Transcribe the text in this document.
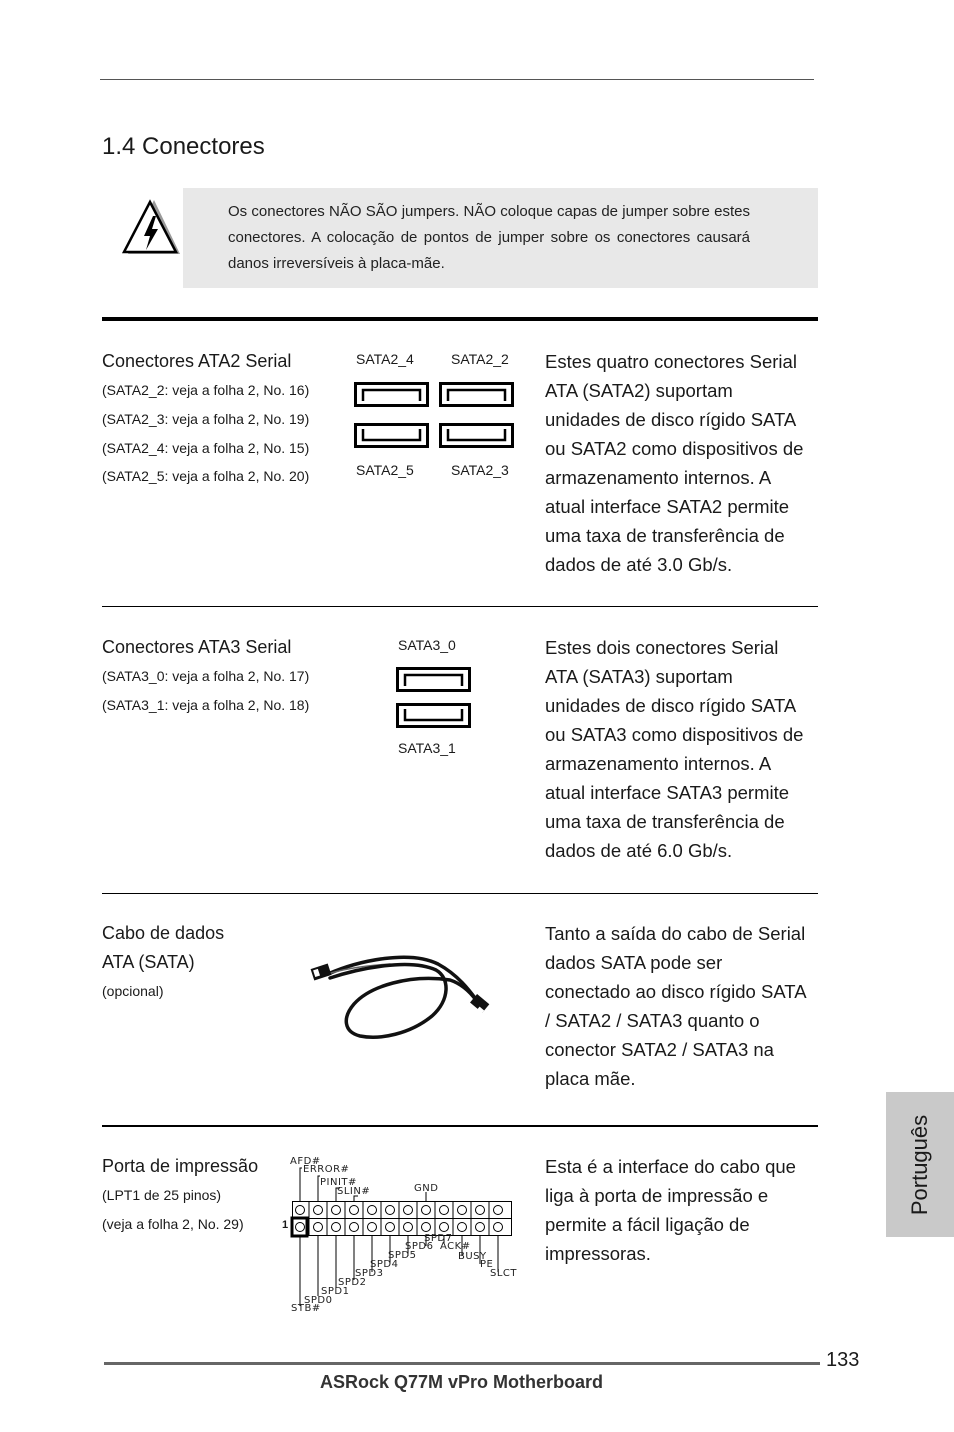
1.4 Conectores
Os conectores NÃO SÃO jumpers. NÃO coloque capas de jumper sobre estes conectores. A colocação de pontos de jumper sobre os conectores causará danos irreversíveis à placa-mãe.
Conectores ATA2 Serial
(SATA2_2: veja a folha 2, No. 16)
(SATA2_3: veja a folha 2, No. 19)
(SATA2_4: veja a folha 2, No. 15)
(SATA2_5: veja a folha 2, No. 20)
SATA2_4	SATA2_2
SATA2_5	SATA2_3
Estes quatro conectores Serial
ATA (SATA2) suportam
unidades de disco rígido SATA
ou SATA2 como dispositivos de
armazenamento internos. A
atual interface SATA2 permite
uma taxa de transferência de
dados de até 3.0 Gb/s.
Conectores ATA3 Serial
(SATA3_0: veja a folha 2, No. 17)
(SATA3_1: veja a folha 2, No. 18)
SATA3_0
SATA3_1
Estes dois conectores Serial
ATA (SATA3) suportam
unidades de disco rígido SATA
ou SATA3 como dispositivos de
armazenamento internos. A
atual interface SATA3 permite
uma taxa de transferência de
dados de até 6.0 Gb/s.
Cabo de dados
ATA (SATA)
(opcional)
Tanto a saída do cabo de Serial
dados SATA pode ser
conectado ao disco rígido SATA
/ SATA2 / SATA3 quanto o
conector SATA2 / SATA3 na
placa mãe.
Porta de impressão
(LPT1 de 25 pinos)
(veja a folha 2, No. 29)
AFD#
ERROR#
PINIT#
SLIN#	GND
1
SPD7
ACK#
BUSY
PE
SLCT
SPD6
SPD5
SPD4
SPD3
SPD2
SPD1
SPD0
STB#
Esta é a interface do cabo que
liga à porta de impressão e
permite a fácil ligação de
impressoras.
Português
133
ASRock Q77M vPro Motherboard
